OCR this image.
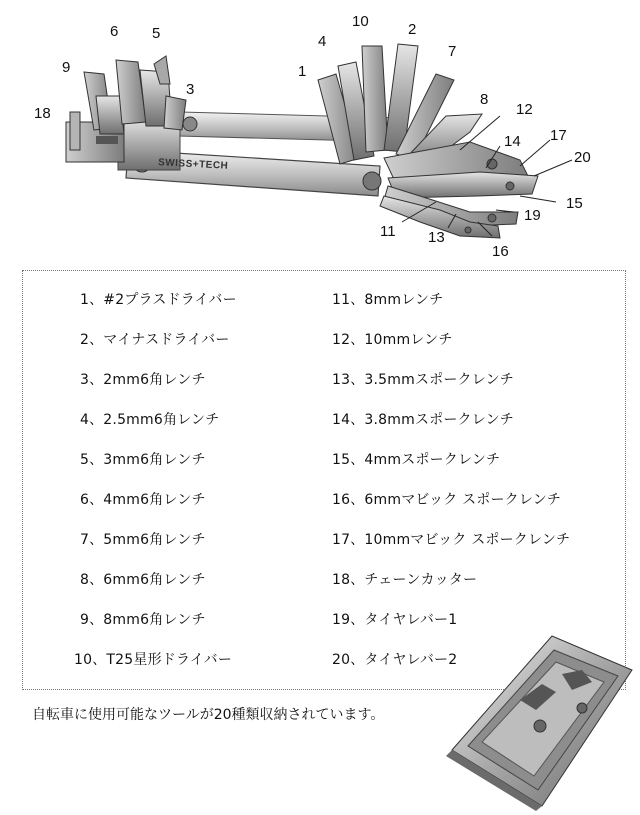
1
2
3
4
5
6
7
8
9
10
11
12
13
14
15
16
17
18
19
20
SWISS+TECH
1、#2プラスドライバー
2、マイナスドライバー
3、2mm6角レンチ
4、2.5mm6角レンチ
5、3mm6角レンチ
6、4mm6角レンチ
7、5mm6角レンチ
8、6mm6角レンチ
9、8mm6角レンチ
10、T25星形ドライバー
11、8mmレンチ
12、10mmレンチ
13、3.5mmスポークレンチ
14、3.8mmスポークレンチ
15、4mmスポークレンチ
16、6mmマビック スポークレンチ
17、10mmマビック スポークレンチ
18、チェーンカッター
19、タイヤレバー1
20、タイヤレバー2
自転車に使用可能なツールが20種類収納されています。
